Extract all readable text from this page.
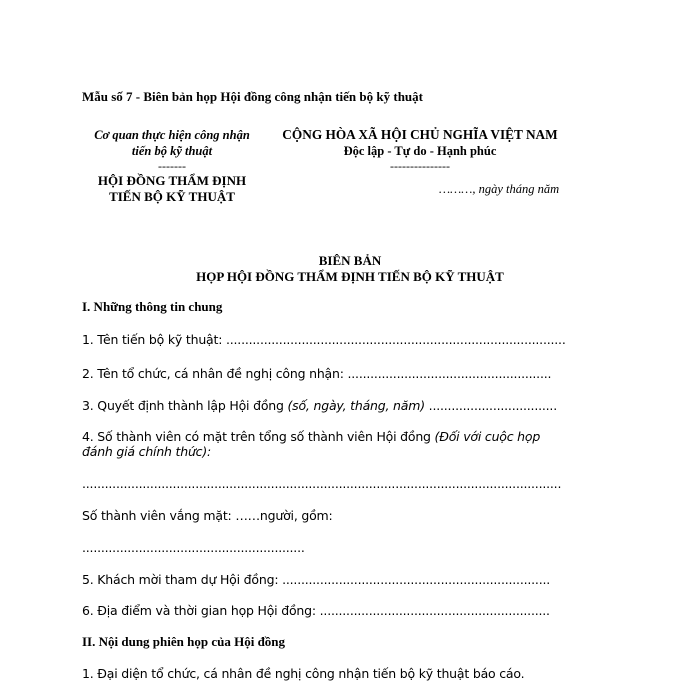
Mẫu số 7 - Biên bản họp Hội đồng công nhận tiến bộ kỹ thuật
Cơ quan thực hiện công nhận
tiến bộ kỹ thuật
-------
HỘI ĐỒNG THẨM ĐỊNH
TIẾN BỘ KỸ THUẬT
CỘNG HÒA XÃ HỘI CHỦ NGHĨA VIỆT NAM
Độc lập - Tự do - Hạnh phúc
---------------
………, ngày tháng năm
BIÊN BẢN
HỌP HỘI ĐỒNG THẨM ĐỊNH TIẾN BỘ KỸ THUẬT
I. Những thông tin chung
1. Tên tiến bộ kỹ thuật: ..........................................................................................
2. Tên tổ chức, cá nhân đề nghị công nhận: ......................................................
3. Quyết định thành lập Hội đồng (số, ngày, tháng, năm) ..................................
4. Số thành viên có mặt trên tổng số thành viên Hội đồng (Đối với cuộc họp đánh giá chính thức):
...............................................................................................................................
Số thành viên vắng mặt: ……người, gồm:
...........................................................
5. Khách mời tham dự Hội đồng: .......................................................................
6. Địa điểm và thời gian họp Hội đồng: .............................................................
II. Nội dung phiên họp của Hội đồng
1. Đại diện tổ chức, cá nhân đề nghị công nhận tiến bộ kỹ thuật báo cáo.
